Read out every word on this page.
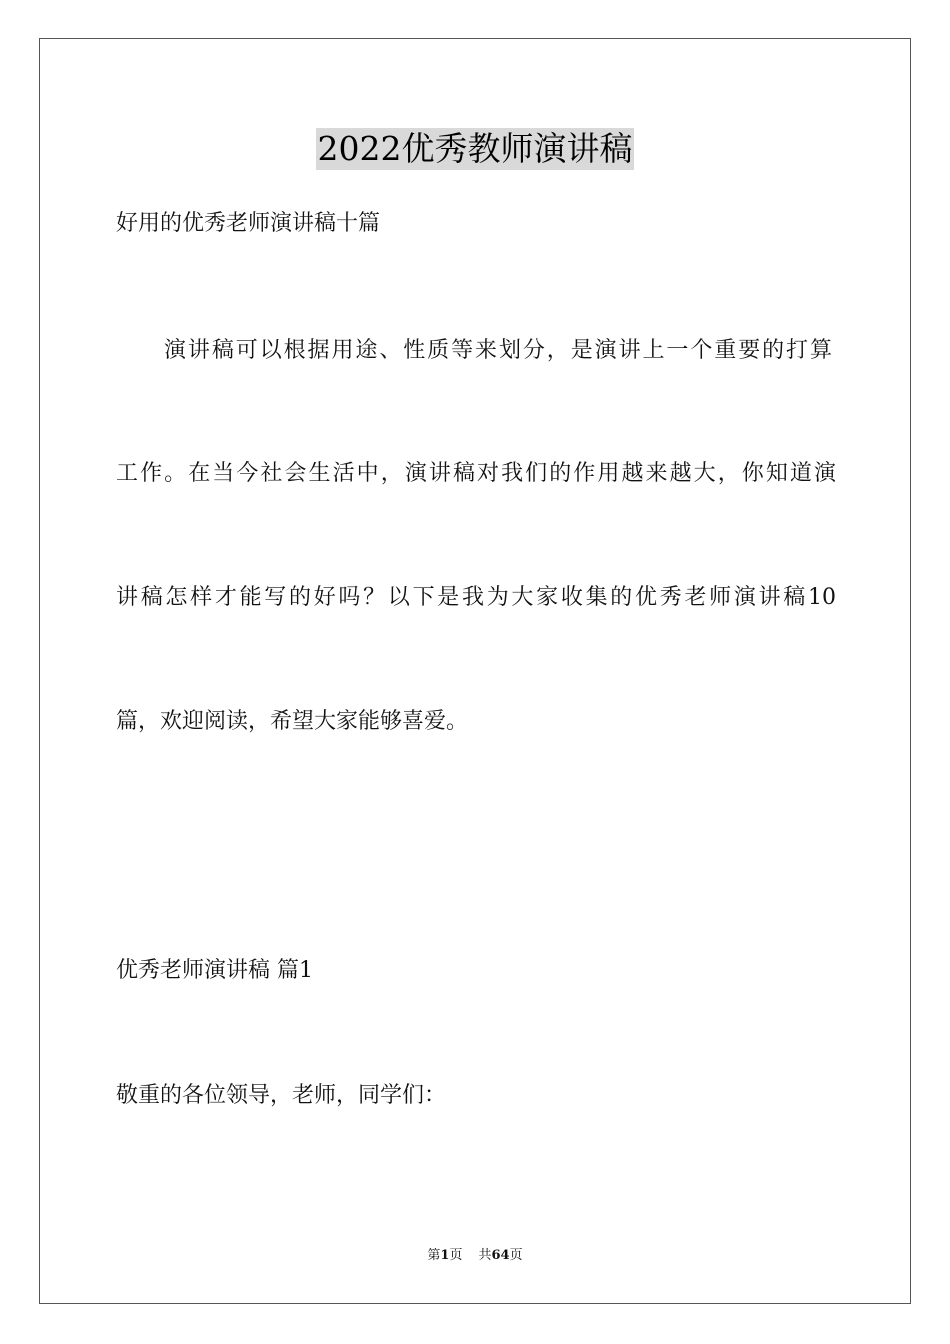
2022优秀教师演讲稿
好用的优秀老师演讲稿十篇
演讲稿可以根据用途、性质等来划分，是演讲上一个重要的打算
工作。在当今社会生活中，演讲稿对我们的作用越来越大，你知道演
讲稿怎样才能写的好吗？以下是我为大家收集的优秀老师演讲稿10
篇，欢迎阅读，希望大家能够喜爱。
优秀老师演讲稿 篇1
敬重的各位领导，老师，同学们：
第1页 共64页
